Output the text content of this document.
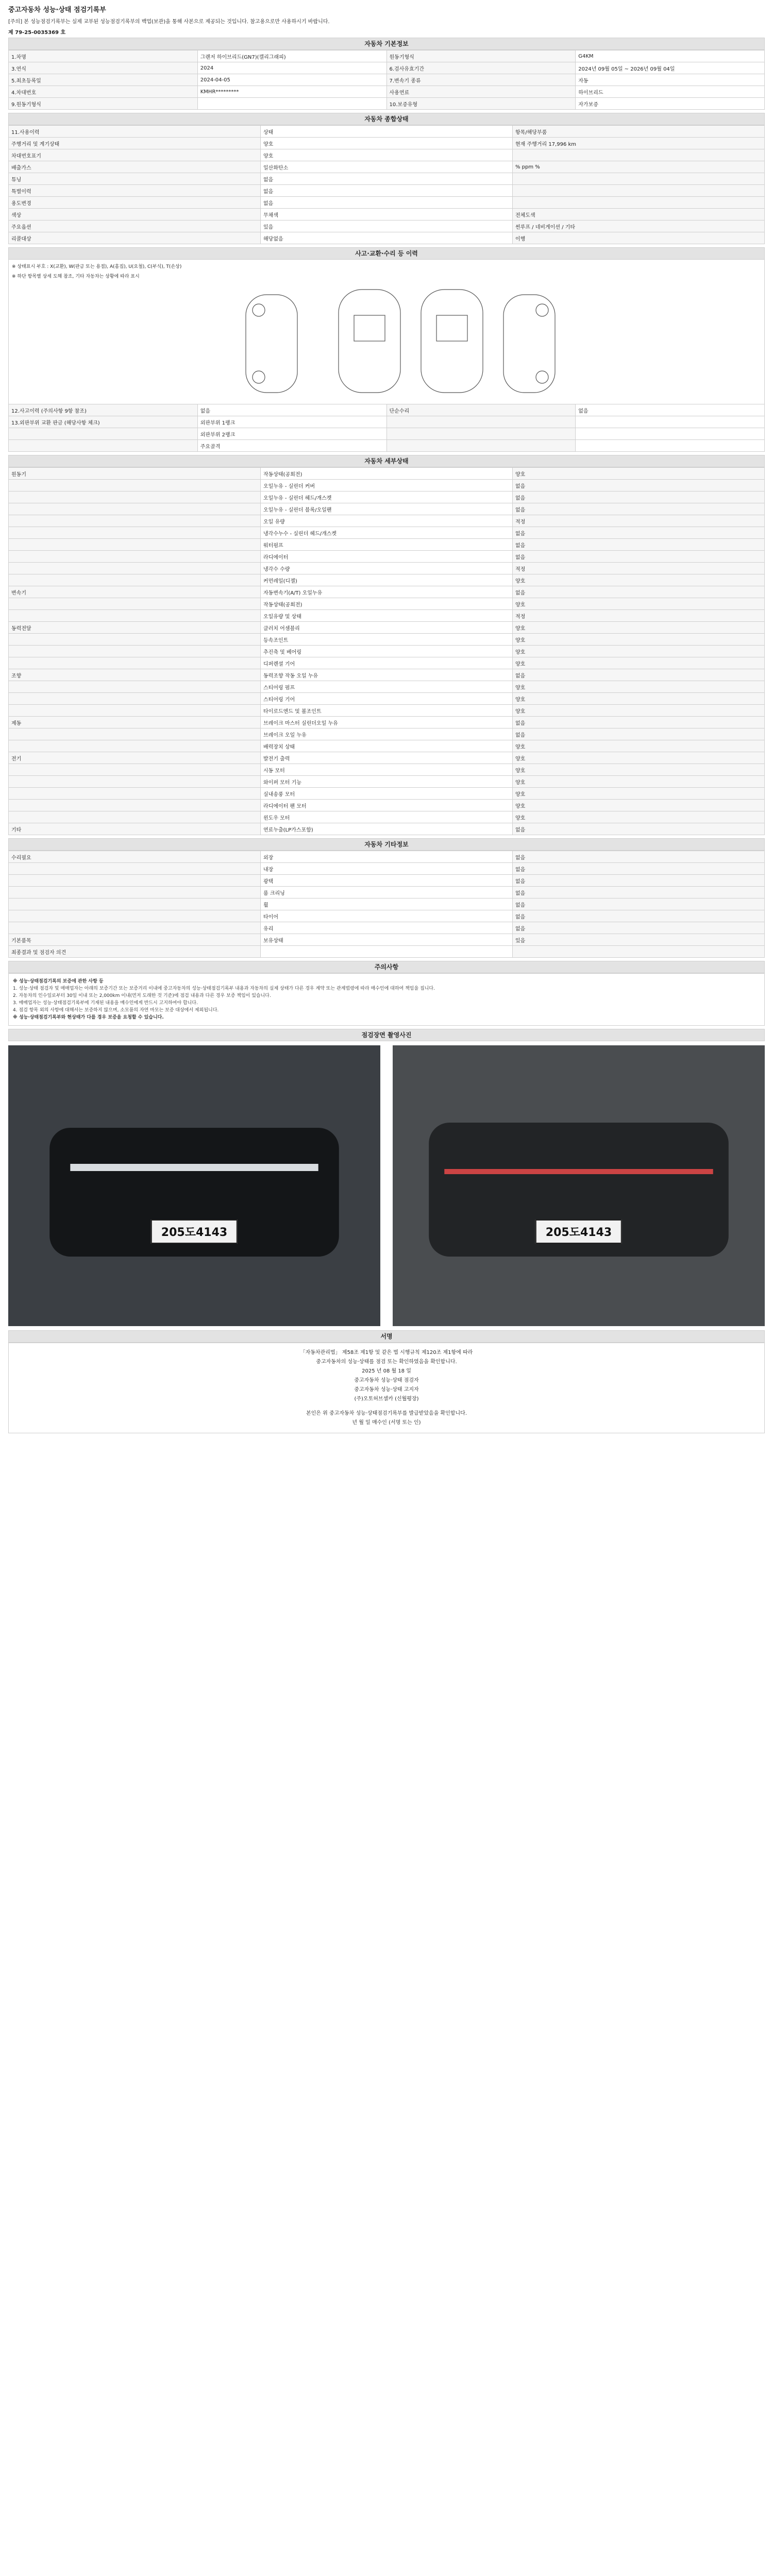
중고자동차 성능·상태 점검기록부
[주의] 본 성능점검기록부는 실제 교부된 성능점검기록부의 백업(보관)을 통해 사본으로 제공되는 것입니다. 참고용으로만 사용하시기 바랍니다.
제 79-25-0035369 호
자동차 기본정보
1.차명	그랜저 하이브리드(GN7)(캘리그래피)	원동기형식	G4KM
3.연식	2024	6.검사유효기간	2024년 09월 05일 ~ 2026년 09월 04일
5.최초등록일	2024-04-05	7.변속기 종류	자동
4.차대번호	KMHR*********	사용연료	하이브리드
9.원동기형식		10.보증유형	자가보증
자동차 종합상태
11.사용이력	상태	항목/해당부품
주행거리 및 계기상태	양호	현재 주행거리 17,996 km
차대번호표기	양호	
배출가스	일산화탄소	% ppm %
튜닝	없음	
특별이력	없음	
용도변경	없음	
색상	무채색	전체도색
주요옵션	있음	썬루프 / 네비게이션 / 기타
리콜대상	해당없음	이행
사고·교환·수리 등 이력
※ 상태표시 부호 : X(교환), W(판금 또는 용접), A(흠집), U(요철), C(부식), T(손상)
※ 하단 항목별 상세 도해 참조, 기타 자동차는 상황에 따라 표시
12.사고이력 (주의사항 9항 참조)	없음	단순수리	없음
13.외판부위 교환 판금 (해당사항 체크)	외판부위 1랭크		
	외판부위 2랭크		
	주요골격		
자동차 세부상태
원동기	작동상태(공회전)	양호
	오일누유 - 실린더 커버	없음
	오일누유 - 실린더 헤드/개스켓	없음
	오일누유 - 실린더 블록/오일팬	없음
	오일 유량	적정
	냉각수누수 - 실린더 헤드/개스켓	없음
	워터펌프	없음
	라디에이터	없음
	냉각수 수량	적정
	커먼레일(디젤)	양호
변속기	자동변속기(A/T) 오일누유	없음
	작동상태(공회전)	양호
	오일유량 및 상태	적정
동력전달	클러치 어셈블리	양호
	등속조인트	양호
	추진축 및 베어링	양호
	디퍼렌셜 기어	양호
조향	동력조향 작동 오일 누유	없음
	스티어링 펌프	양호
	스티어링 기어	양호
	타이로드엔드 및 볼조인트	양호
제동	브레이크 마스터 실린더오일 누유	없음
	브레이크 오일 누유	없음
	배력장치 상태	양호
전기	발전기 출력	양호
	시동 모터	양호
	와이퍼 모터 기능	양호
	실내송풍 모터	양호
	라디에이터 팬 모터	양호
	윈도우 모터	양호
기타	연료누출(LP가스포함)	없음
자동차 기타정보
수리필요	외장	없음
	내장	없음
	광택	없음
	룸 크리닝	없음
	휠	없음
	타이어	없음
	유리	없음
기본품목	보유상태	있음
최종결과 및 점검자 의견		
주의사항
※ 성능·상태점검기록의 보증에 관한 사항 등
1. 성능·상태 점검자 및 매매업자는 아래의 보증기간 또는 보증거리 이내에 중고자동차의 성능·상태점검기록부 내용과 자동차의 실제 상태가 다른 경우 계약 또는 관계법령에 따라 매수인에 대하여 책임을 집니다.
2. 자동차의 인수일로부터 30일 이내 또는 2,000km 이내(먼저 도래한 것 기준)에 점검 내용과 다른 경우 보증 책임이 있습니다.
3. 매매업자는 성능·상태점검기록부에 기재된 내용을 매수인에게 반드시 고지하여야 합니다.
4. 점검 항목 외의 사항에 대해서는 보증하지 않으며, 소모품의 자연 마모는 보증 대상에서 제외됩니다.
※ 성능·상태점검기록부와 현상태가 다를 경우 보증을 요청할 수 있습니다.
점검장면 촬영사진
205도4143	205도4143
서명
「자동차관리법」 제58조 제1항 및 같은 법 시행규칙 제120조 제1항에 따라
중고자동차의 성능·상태를 점검 또는 확인하였음을 확인합니다.
2025 년 08 월 18 일
중고자동차 성능·상태 점검자
중고자동차 성능·상태 고지자
(주)오토허브셀카 (신월평장)
본인은 위 중고자동차 성능·상태점검기록부를 발급받았음을 확인합니다.
년 월 일 매수인 (서명 또는 인)
